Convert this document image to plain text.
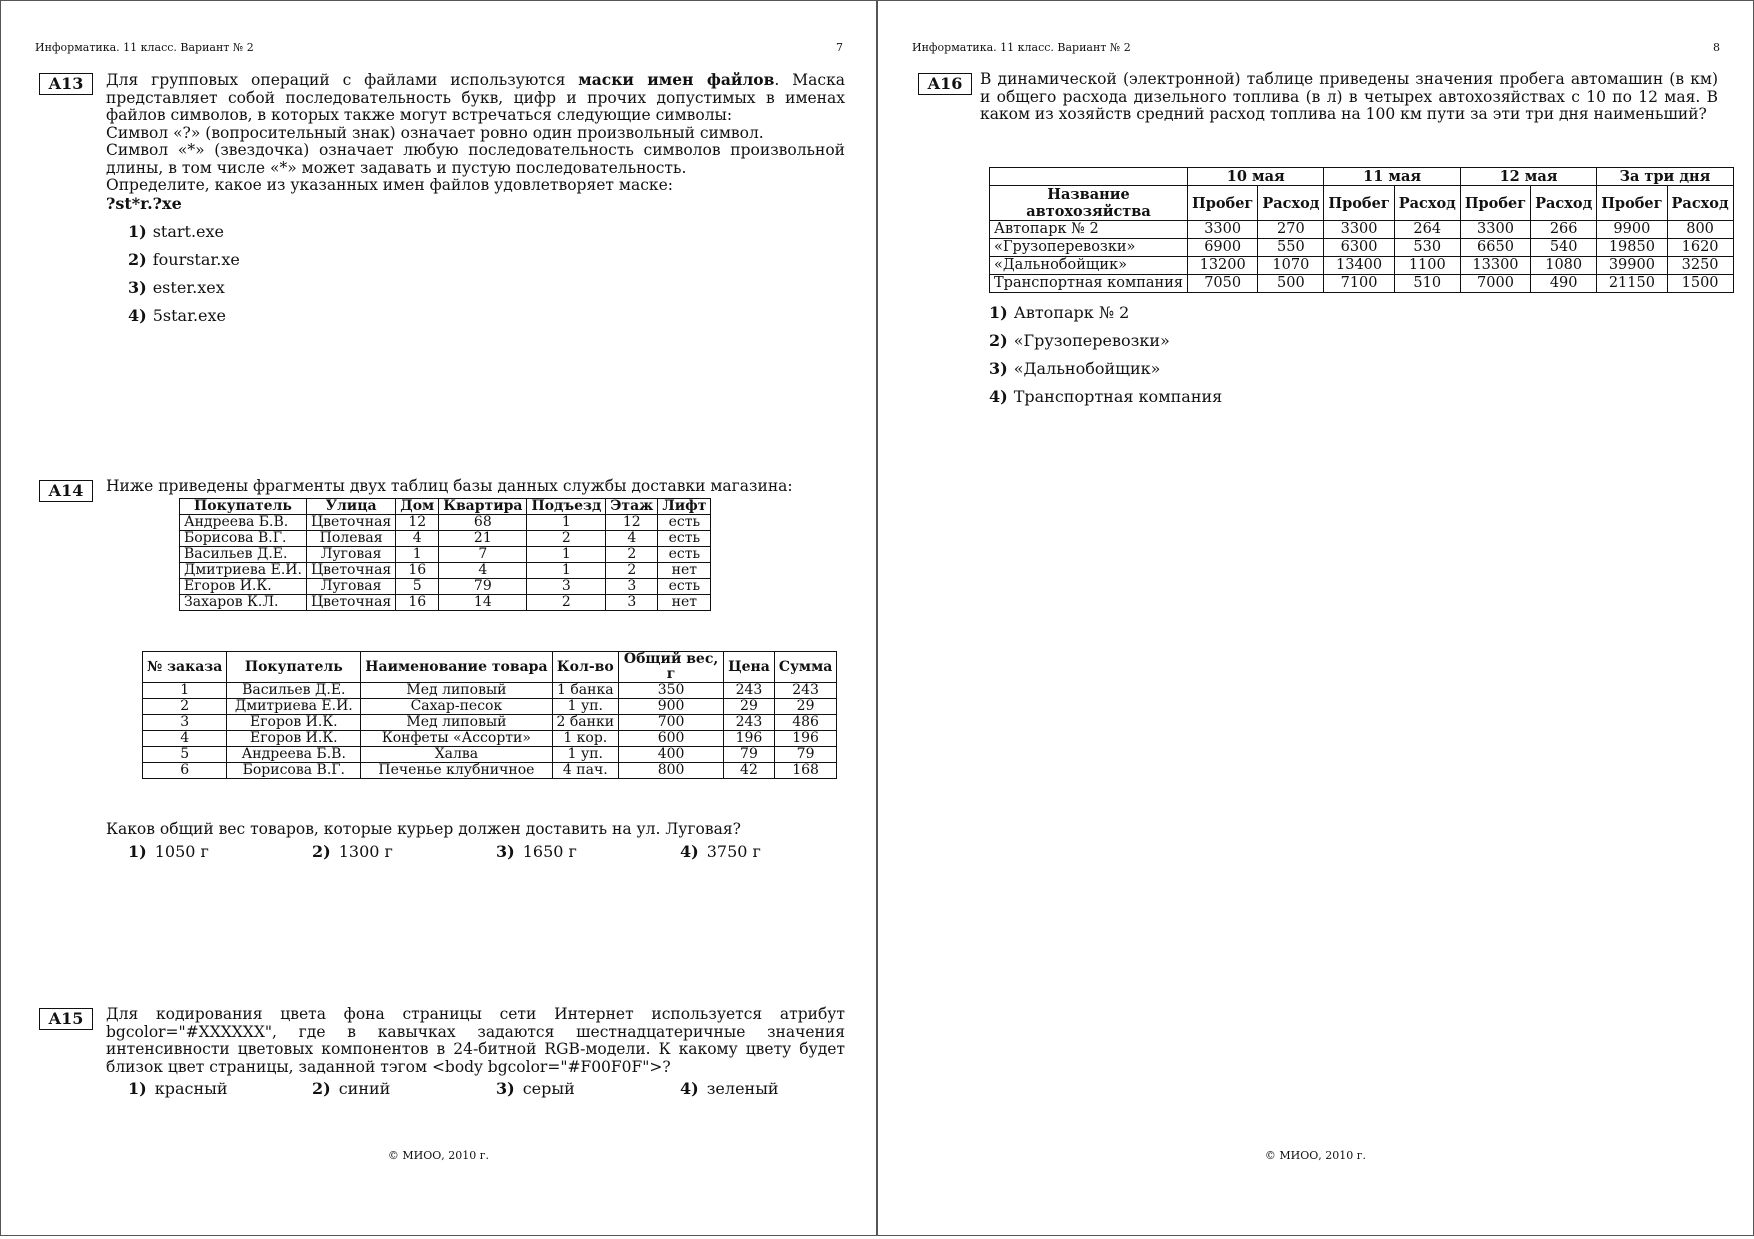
Информатика. 11 класс. Вариант № 2	7
A13	Для групповых операций с файлами используются маски имен файлов. Маска представляет собой последовательность букв, цифр и прочих допустимых в именах файлов символов, в которых также могут встречаться следующие символы:

Символ «?» (вопросительный знак) означает ровно один произвольный символ.

Символ «*» (звездочка) означает любую последовательность символов произвольной длины, в том числе «*» может задавать и пустую последовательность.

Определите, какое из указанных имен файлов удовлетворяет маске:

?st*r.?xe

1) start.exe
2) fourstar.xe
3) ester.xex
4) 5star.exe
A14	Ниже приведены фрагменты двух таблиц базы данных службы доставки магазина:
Покупатель	Улица	Дом	Квартира	Подъезд	Этаж	Лифт
Андреева Б.В.	Цветочная	12	68	1	12	есть
Борисова В.Г.	Полевая	4	21	2	4	есть
Васильев Д.Е.	Луговая	1	7	1	2	есть
Дмитриева Е.И.	Цветочная	16	4	1	2	нет
Егоров И.К.	Луговая	5	79	3	3	есть
Захаров К.Л.	Цветочная	16	14	2	3	нет
№ заказа	Покупатель	Наименование товара	Кол-во	Общий вес, г	Цена	Сумма
1	Васильев Д.Е.	Мед липовый	1 банка	350	243	243
2	Дмитриева Е.И.	Сахар-песок	1 уп.	900	29	29
3	Егоров И.К.	Мед липовый	2 банки	700	243	486
4	Егоров И.К.	Конфеты «Ассорти»	1 кор.	600	196	196
5	Андреева Б.В.	Халва	1 уп.	400	79	79
6	Борисова В.Г.	Печенье клубничное	4 пач.	800	42	168

Каков общий вес товаров, которые курьер должен доставить на ул. Луговая?

1) 1050 г	2) 1300 г	3) 1650 г	4) 3750 г
A15	Для кодирования цвета фона страницы сети Интернет используется атрибут bgcolor="#XXXXXX", где в кавычках задаются шестнадцатеричные значения интенсивности цветовых компонентов в 24-битной RGB-модели. К какому цвету будет близок цвет страницы, заданной тэгом <body bgcolor="#F00F0F">?

1) красный	2) синий	3) серый	4) зеленый
© МИОО, 2010 г.
Информатика. 11 класс. Вариант № 2	8
A16	В динамической (электронной) таблице приведены значения пробега автомашин (в км) и общего расхода дизельного топлива (в л) в четырех автохозяйствах с 10 по 12 мая. В каком из хозяйств средний расход топлива на 100 км пути за эти три дня наименьший?
	10 мая		11 мая		12 мая		За три дня	
Название автохозяйства	Пробег	Расход	Пробег	Расход	Пробег	Расход	Пробег	Расход
Автопарк № 2	3300	270	3300	264	3300	266	9900	800
«Грузоперевозки»	6900	550	6300	530	6650	540	19850	1620
«Дальнобойщик»	13200	1070	13400	1100	13300	1080	39900	3250
Транспортная компания	7050	500	7100	510	7000	490	21150	1500
1) Автопарк № 2
2) «Грузоперевозки»
3) «Дальнобойщик»
4) Транспортная компания
© МИОО, 2010 г.
